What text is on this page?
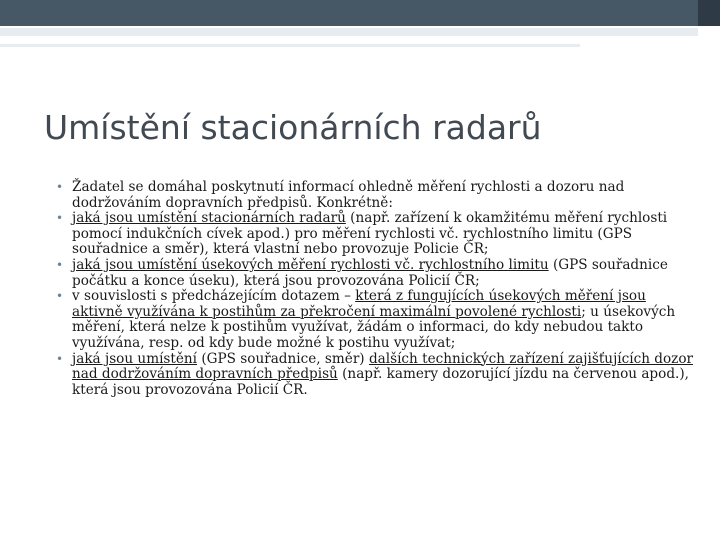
Umístění stacionárních radarů
• Žadatel se domáhal poskytnutí informací ohledně měření rychlosti a dozoru nad dodržováním dopravních předpisů. Konkrétně:
• jaká jsou umístění stacionárních radarů (např. zařízení k okamžitému měření rychlosti pomocí indukčních cívek apod.) pro měření rychlosti vč. rychlostního limitu (GPS souřadnice a směr), která vlastní nebo provozuje Policie ČR;
• jaká jsou umístění úsekových měření rychlosti vč. rychlostního limitu (GPS souřadnice počátku a konce úseku), která jsou provozována Policií ČR;
• v souvislosti s předcházejícím dotazem – která z fungujících úsekových měření jsou aktivně využívána k postihům za překročení maximální povolené rychlosti; u úsekových měření, která nelze k postihům využívat, žádám o informaci, do kdy nebudou takto využívána, resp. od kdy bude možné k postihu využívat;
• jaká jsou umístění (GPS souřadnice, směr) dalších technických zařízení zajišťujících dozor nad dodržováním dopravních předpisů (např. kamery dozorující jízdu na červenou apod.), která jsou provozována Policií ČR.
